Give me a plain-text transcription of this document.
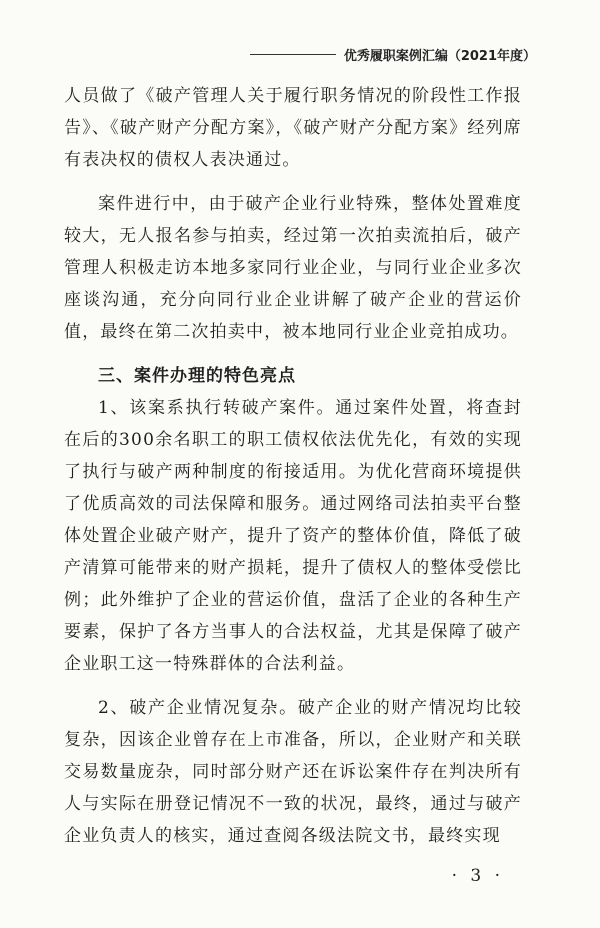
优秀履职案例汇编（2021年度）

人员做了《破产管理人关于履行职务情况的阶段性工作报告》、《破产财产分配方案》，《破产财产分配方案》经列席有表决权的债权人表决通过。

案件进行中，由于破产企业行业特殊，整体处置难度较大，无人报名参与拍卖，经过第一次拍卖流拍后，破产管理人积极走访本地多家同行业企业，与同行业企业多次座谈沟通，充分向同行业企业讲解了破产企业的营运价值，最终在第二次拍卖中，被本地同行业企业竞拍成功。

三、案件办理的特色亮点

1、该案系执行转破产案件。通过案件处置，将查封在后的300余名职工的职工债权依法优先化，有效的实现了执行与破产两种制度的衔接适用。为优化营商环境提供了优质高效的司法保障和服务。通过网络司法拍卖平台整体处置企业破产财产，提升了资产的整体价值，降低了破产清算可能带来的财产损耗，提升了债权人的整体受偿比例；此外维护了企业的营运价值，盘活了企业的各种生产要素，保护了各方当事人的合法权益，尤其是保障了破产企业职工这一特殊群体的合法利益。

2、破产企业情况复杂。破产企业的财产情况均比较复杂，因该企业曾存在上市准备，所以，企业财产和关联交易数量庞杂，同时部分财产还在诉讼案件存在判决所有人与实际在册登记情况不一致的状况，最终，通过与破产企业负责人的核实，通过查阅各级法院文书，最终实现

· 3 ·
